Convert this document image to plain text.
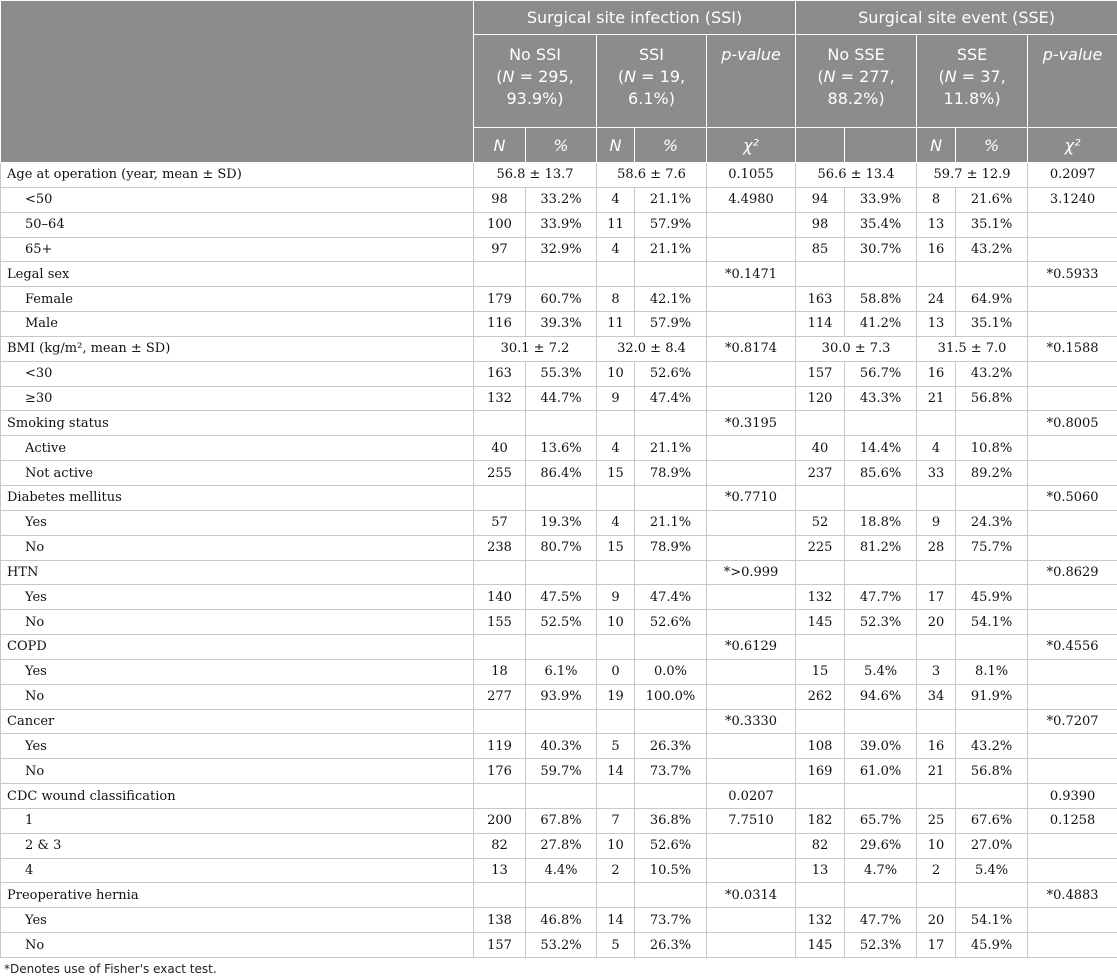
	Surgical site infection (SSI)					Surgical site event (SSE)				
	No SSI
(N = 295,
93.9%)		SSI
(N = 19,
6.1%)		p-value	No SSE
(N = 277,
88.2%)		SSE
(N = 37,
11.8%)		p-value
	N	%	N	%	χ²			N	%	χ²
Age at operation (year, mean ± SD)	56.8 ± 13.7		58.6 ± 7.6		0.1055	56.6 ± 13.4		59.7 ± 12.9		0.2097
<50	98	33.2%	4	21.1%	4.4980	94	33.9%	8	21.6%	3.1240
50–64	100	33.9%	11	57.9%		98	35.4%	13	35.1%	
65+	97	32.9%	4	21.1%		85	30.7%	16	43.2%	
Legal sex					*0.1471					*0.5933
Female	179	60.7%	8	42.1%		163	58.8%	24	64.9%	
Male	116	39.3%	11	57.9%		114	41.2%	13	35.1%	
BMI (kg/m², mean ± SD)	30.1 ± 7.2		32.0 ± 8.4		*0.8174	30.0 ± 7.3		31.5 ± 7.0		*0.1588
<30	163	55.3%	10	52.6%		157	56.7%	16	43.2%	
≥30	132	44.7%	9	47.4%		120	43.3%	21	56.8%	
Smoking status					*0.3195					*0.8005
Active	40	13.6%	4	21.1%		40	14.4%	4	10.8%	
Not active	255	86.4%	15	78.9%		237	85.6%	33	89.2%	
Diabetes mellitus					*0.7710					*0.5060
Yes	57	19.3%	4	21.1%		52	18.8%	9	24.3%	
No	238	80.7%	15	78.9%		225	81.2%	28	75.7%	
HTN					*>0.999					*0.8629
Yes	140	47.5%	9	47.4%		132	47.7%	17	45.9%	
No	155	52.5%	10	52.6%		145	52.3%	20	54.1%	
COPD					*0.6129					*0.4556
Yes	18	6.1%	0	0.0%		15	5.4%	3	8.1%	
No	277	93.9%	19	100.0%		262	94.6%	34	91.9%	
Cancer					*0.3330					*0.7207
Yes	119	40.3%	5	26.3%		108	39.0%	16	43.2%	
No	176	59.7%	14	73.7%		169	61.0%	21	56.8%	
CDC wound classification					0.0207					0.9390
1	200	67.8%	7	36.8%	7.7510	182	65.7%	25	67.6%	0.1258
2 & 3	82	27.8%	10	52.6%		82	29.6%	10	27.0%	
4	13	4.4%	2	10.5%		13	4.7%	2	5.4%	
Preoperative hernia					*0.0314					*0.4883
Yes	138	46.8%	14	73.7%		132	47.7%	20	54.1%	
No	157	53.2%	5	26.3%		145	52.3%	17	45.9%	
*Denotes use of Fisher's exact test.
